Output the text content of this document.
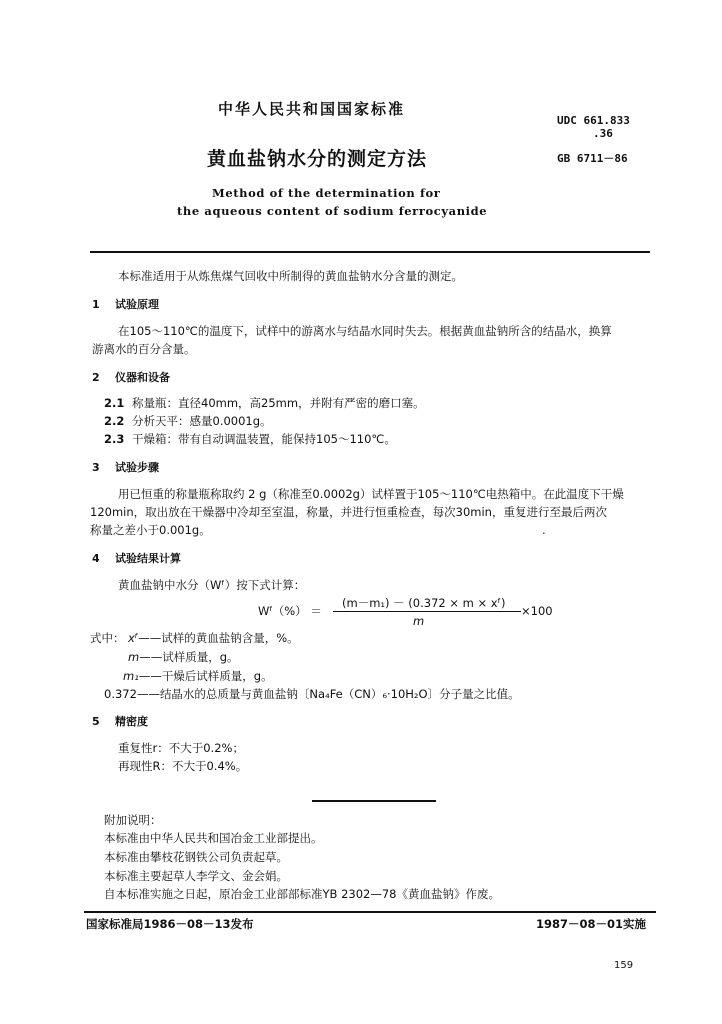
中华人民共和国国家标准
UDC 661.833
.36
黄血盐钠水分的测定方法	GB 6711－86
Method of the determination for
the aqueous content of sodium ferrocyanide
本标准适用于从炼焦煤气回收中所制得的黄血盐钠水分含量的测定。
1 试验原理
在105～110℃的温度下，试样中的游离水与结晶水同时失去。根据黄血盐钠所含的结晶水，换算
游离水的百分含量。
2 仪器和设备
2.1 称量瓶：直径40mm，高25mm，并附有严密的磨口塞。
2.2 分析天平：感量0.0001g。
2.3 干燥箱：带有自动调温装置，能保持105～110℃。
3 试验步骤
用已恒重的称量瓶称取约 2 g（称准至0.0002g）试样置于105～110℃电热箱中。在此温度下干燥
120min，取出放在干燥器中冷却至室温，称量，并进行恒重检查，每次30min，重复进行至最后两次
称量之差小于0.001g。	.
4 试验结果计算
黄血盐钠中水分（Wᶠ）按下式计算：
Wᶠ（%） ＝
(m－m₁) － (0.372 × m × xᶠ)
m
×100
式中： xᶠ——试样的黄血盐钠含量，%。
m——试样质量，g。
m₁——干燥后试样质量，g。
0.372——结晶水的总质量与黄血盐钠〔Na₄Fe（CN）₆·10H₂O〕分子量之比值。
5 精密度
重复性r：不大于0.2%；
再现性R：不大于0.4%。
附加说明：
本标准由中华人民共和国冶金工业部提出。
本标准由攀枝花钢铁公司负责起草。
本标准主要起草人李学文、金会娟。
自本标准实施之日起，原冶金工业部部标准YB 2302—78《黄血盐钠》作废。
国家标准局1986－08－13发布	1987－08－01实施
159
